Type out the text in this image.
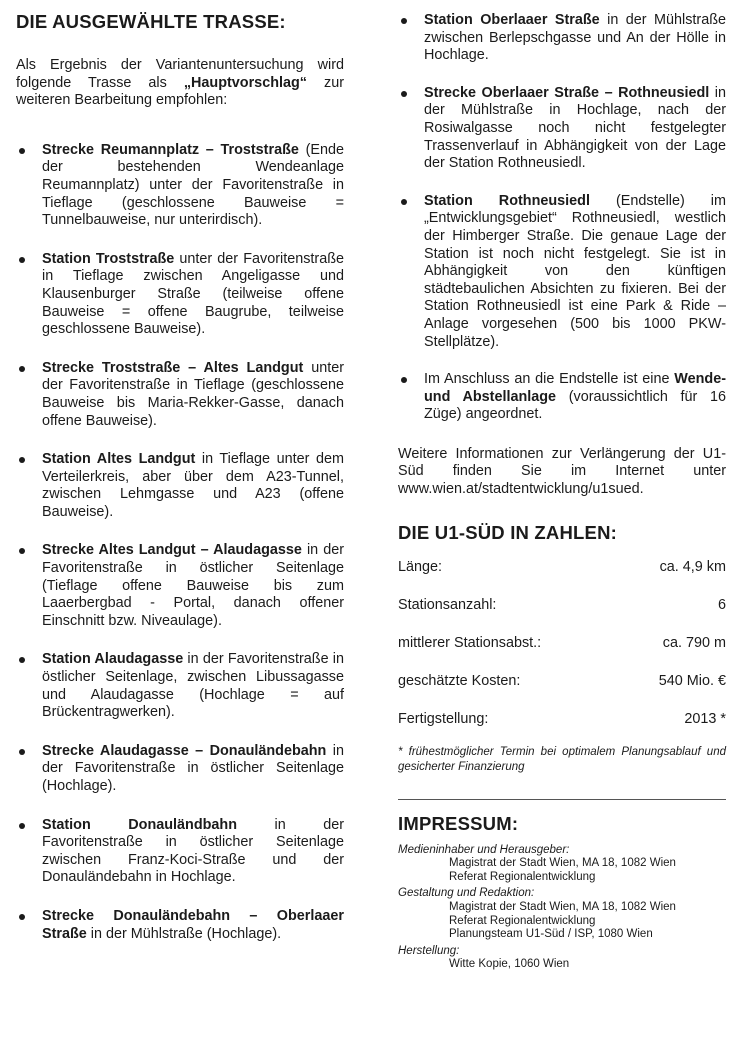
DIE AUSGEWÄHLTE TRASSE:

Als Ergebnis der Variantenuntersuchung wird folgende Trasse als „Hauptvorschlag“ zur weiteren Bearbeitung empfohlen:

Strecke Reumannplatz – Troststraße (Ende der bestehenden Wendeanlage Reumannplatz) unter der Favoritenstraße in Tieflage (geschlossene Bauweise = Tunnelbauweise, nur unterirdisch).
Station Troststraße unter der Favoritenstraße in Tieflage zwischen Angeligasse und Klausenburger Straße (teilweise offene Bauweise = offene Baugrube, teilweise geschlossene Bauweise).
Strecke Troststraße – Altes Landgut unter der Favoritenstraße in Tieflage (geschlossene Bauweise bis Maria-Rekker-Gasse, danach offene Bauweise).
Station Altes Landgut in Tieflage unter dem Verteilerkreis, aber über dem A23-Tunnel, zwischen Lehmgasse und A23 (offene Bauweise).
Strecke Altes Landgut – Alaudagasse in der Favoritenstraße in östlicher Seitenlage (Tieflage offene Bauweise bis zum Laaerbergbad - Portal, danach offener Einschnitt bzw. Niveaulage).
Station Alaudagasse in der Favoritenstraße in östlicher Seitenlage, zwischen Libussagasse und Alaudagasse (Hochlage = auf Brückentragwerken).
Strecke Alaudagasse – Donauländebahn in der Favoritenstraße in östlicher Seitenlage (Hochlage).
Station Donauländbahn in der Favoritenstraße in östlicher Seitenlage zwischen Franz-Koci-Straße und der Donauländebahn in Hochlage.
Strecke Donauländebahn – Oberlaaer Straße in der Mühlstraße (Hochlage).
Station Oberlaaer Straße in der Mühlstraße zwischen Berlepschgasse und An der Hölle in Hochlage.
Strecke Oberlaaer Straße – Rothneusiedl in der Mühlstraße in Hochlage, nach der Rosiwalgasse noch nicht festgelegter Trassenverlauf in Abhängigkeit von der Lage der Station Rothneusiedl.
Station Rothneusiedl (Endstelle) im „Entwicklungsgebiet“ Rothneusiedl, westlich der Himberger Straße. Die genaue Lage der Station ist noch nicht festgelegt. Sie ist in Abhängigkeit von den künftigen städtebaulichen Absichten zu fixieren. Bei der Station Rothneusiedl ist eine Park & Ride – Anlage vorgesehen (500 bis 1000 PKW-Stellplätze).
Im Anschluss an die Endstelle ist eine Wende- und Abstellanlage (voraussichtlich für 16 Züge) angeordnet.

Weitere Informationen zur Verlängerung der U1-Süd finden Sie im Internet unter www.wien.at/stadtentwicklung/u1sued.

DIE U1-SÜD IN ZAHLEN:
Länge:	ca. 4,9 km
Stationsanzahl:	6
mittlerer Stationsabst.:	ca. 790 m
geschätzte Kosten:	540 Mio. €
Fertigstellung:	2013 *

* frühestmöglicher Termin bei optimalem Planungsablauf und gesicherter Finanzierung

IMPRESSUM:
Medieninhaber und Herausgeber:
Magistrat der Stadt Wien, MA 18, 1082 Wien
Referat Regionalentwicklung
Gestaltung und Redaktion:
Magistrat der Stadt Wien, MA 18, 1082 Wien
Referat Regionalentwicklung
Planungsteam U1-Süd / ISP, 1080 Wien
Herstellung:
Witte Kopie, 1060 Wien
